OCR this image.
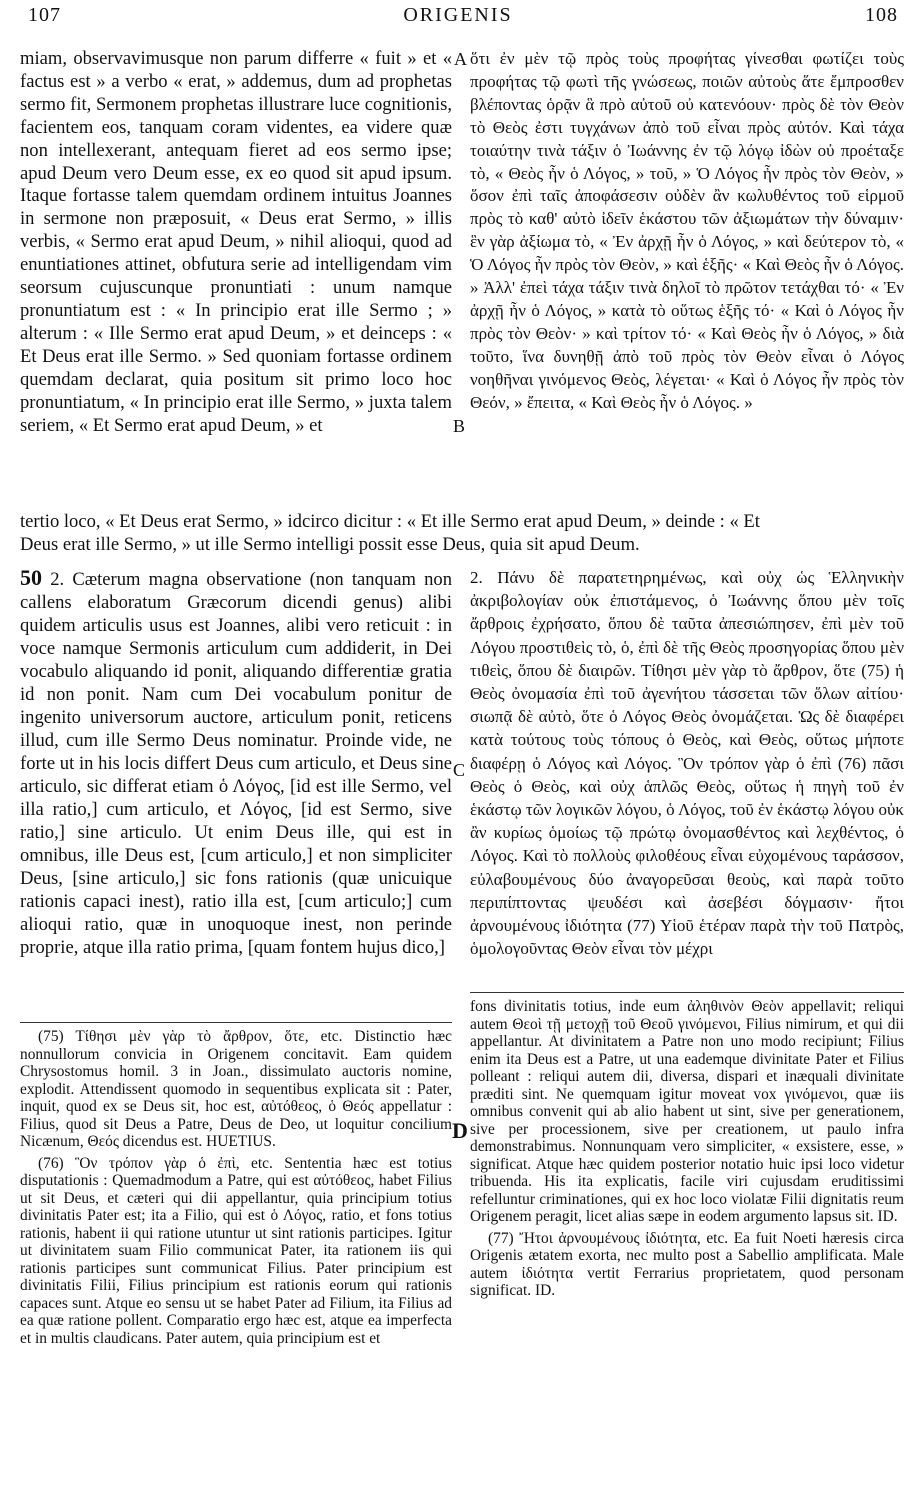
107	ORIGENIS	108
A
B
C
D

miam, observavimusque non parum differre « fuit » et « factus est » a verbo « erat, » addemus, dum ad prophetas sermo fit, Sermonem prophetas illustrare luce cognitionis, facientem eos, tanquam coram videntes, ea videre quæ non intellexerant, antequam fieret ad eos sermo ipse; apud Deum vero Deum esse, ex eo quod sit apud ipsum. Itaque fortasse talem quemdam ordinem intuitus Joannes in sermone non præposuit, « Deus erat Sermo, » illis verbis, « Sermo erat apud Deum, » nihil alioqui, quod ad enuntiationes attinet, obfutura serie ad intelligendam vim seorsum cujuscunque pronuntiati : unum namque pronuntiatum est : « In principio erat ille Sermo ; » alterum : « Ille Sermo erat apud Deum, » et deinceps : « Et Deus erat ille Sermo. » Sed quoniam fortasse ordinem quemdam declarat, quia positum sit primo loco hoc pronuntiatum, « In principio erat ille Sermo, » juxta talem seriem, « Et Sermo erat apud Deum, » et

ὅτι ἐν μὲν τῷ πρὸς τοὺς προφήτας γίνεσθαι φωτίζει τοὺς προφήτας τῷ φωτὶ τῆς γνώσεως, ποιῶν αὐτοὺς ἅτε ἔμπροσθεν βλέποντας ὁρᾷν ἃ πρὸ αὐτοῦ οὐ κατενόουν· πρὸς δὲ τὸν Θεὸν τὸ Θεὸς ἐστι τυγχάνων ἀπὸ τοῦ εἶναι πρὸς αὐτόν. Καὶ τάχα τοιαύτην τινὰ τάξιν ὁ Ἰωάννης ἐν τῷ λόγῳ ἰδὼν οὐ προέταξε τὸ, « Θεὸς ἦν ὁ Λόγος, » τοῦ, » Ὁ Λόγος ἦν πρὸς τὸν Θεὸν, » ὅσον ἐπὶ ταῖς ἀποφάσεσιν οὐδὲν ἂν κωλυθέντος τοῦ εἱρμοῦ πρὸς τὸ καθ' αὐτὸ ἰδεῖν ἑκάστου τῶν ἀξιωμάτων τὴν δύναμιν· ἓν γὰρ ἀξίωμα τὸ, « Ἐν ἀρχῇ ἦν ὁ Λόγος, » καὶ δεύτερον τὸ, « Ὁ Λόγος ἦν πρὸς τὸν Θεὸν, » καὶ ἑξῆς· « Καὶ Θεὸς ἦν ὁ Λόγος. » Ἀλλ' ἐπεὶ τάχα τάξιν τινὰ δηλοῖ τὸ πρῶτον τετάχθαι τό· « Ἐν ἀρχῇ ἦν ὁ Λόγος, » κατὰ τὸ οὕτως ἑξῆς τό· « Καὶ ὁ Λόγος ἦν πρὸς τὸν Θεὸν· » καὶ τρίτον τό· « Καὶ Θεὸς ἦν ὁ Λόγος, » διὰ τοῦτο, ἵνα δυνηθῇ ἀπὸ τοῦ πρὸς τὸν Θεὸν εἶναι ὁ Λόγος νοηθῆναι γινόμενος Θεὸς, λέγεται· « Καὶ ὁ Λόγος ἦν πρὸς τὸν Θεόν, » ἔπειτα, « Καὶ Θεὸς ἦν ὁ Λόγος. »

tertio loco, « Et Deus erat Sermo, » idcirco dicitur : « Et ille Sermo erat apud Deum, » deinde : « Et
Deus erat ille Sermo, » ut ille Sermo intelligi possit esse Deus, quia sit apud Deum.

50 2. Cæterum magna observatione (non tanquam non callens elaboratum Græcorum dicendi genus) alibi quidem articulis usus est Joannes, alibi vero reticuit : in voce namque Sermonis articulum cum addiderit, in Dei vocabulo aliquando id ponit, aliquando differentiæ gratia id non ponit. Nam cum Dei vocabulum ponitur de ingenito universorum auctore, articulum ponit, reticens illud, cum ille Sermo Deus nominatur. Proinde vide, ne forte ut in his locis differt Deus cum articulo, et Deus sine articulo, sic differat etiam ὁ Λόγος, [id est ille Sermo, vel illa ratio,] cum articulo, et Λόγος, [id est Sermo, sive ratio,] sine articulo. Ut enim Deus ille, qui est in omnibus, ille Deus est, [cum articulo,] et non simpliciter Deus, [sine articulo,] sic fons rationis (quæ unicuique rationis capaci inest), ratio illa est, [cum articulo;] cum alioqui ratio, quæ in unoquoque inest, non perinde proprie, atque illa ratio prima, [quam fontem hujus dico,]

2. Πάνυ δὲ παρατετηρημένως, καὶ οὐχ ὡς Ἑλληνικὴν ἀκριβολογίαν οὐκ ἐπιστάμενος, ὁ Ἰωάννης ὅπου μὲν τοῖς ἄρθροις ἐχρήσατο, ὅπου δὲ ταῦτα ἀπεσιώπησεν, ἐπὶ μὲν τοῦ Λόγου προστιθεὶς τὸ, ὁ, ἐπὶ δὲ τῆς Θεὸς προσηγορίας ὅπου μὲν τιθεὶς, ὅπου δὲ διαιρῶν. Τίθησι μὲν γὰρ τὸ ἄρθρον, ὅτε (75) ἡ Θεὸς ὀνομασία ἐπὶ τοῦ ἀγενήτου τάσσεται τῶν ὅλων αἰτίου· σιωπᾷ δὲ αὐτὸ, ὅτε ὁ Λόγος Θεὸς ὀνομάζεται. Ὡς δὲ διαφέρει κατὰ τούτους τοὺς τόπους ὁ Θεὸς, καὶ Θεὸς, οὕτως μήποτε διαφέρῃ ὁ Λόγος καὶ Λόγος. Ὃν τρόπον γὰρ ὁ ἐπὶ (76) πᾶσι Θεὸς ὁ Θεὸς, καὶ οὐχ ἁπλῶς Θεὸς, οὕτως ἡ πηγὴ τοῦ ἐν ἑκάστῳ τῶν λογικῶν λόγου, ὁ Λόγος, τοῦ ἐν ἑκάστῳ λόγου οὐκ ἂν κυρίως ὁμοίως τῷ πρώτῳ ὀνομασθέντος καὶ λεχθέντος, ὁ Λόγος. Καὶ τὸ πολλοὺς φιλοθέους εἶναι εὐχομένους ταράσσον, εὐλαβουμένους δύο ἀναγορεῦσαι θεοὺς, καὶ παρὰ τοῦτο περιπίπτοντας ψευδέσι καὶ ἀσεβέσι δόγμασιν· ἤτοι ἀρνουμένους ἰδιότητα (77) Υἱοῦ ἑτέραν παρὰ τὴν τοῦ Πατρὸς, ὁμολογοῦντας Θεὸν εἶναι τὸν μέχρι

(75) Τίθησι μὲν γὰρ τὸ ἄρθρον, ὅτε, etc. Distinctio hæc nonnullorum convicia in Origenem concitavit. Eam quidem Chrysostomus homil. 3 in Joan., dissimulato auctoris nomine, explodit. Attendissent quomodo in sequentibus explicata sit : Pater, inquit, quod ex se Deus sit, hoc est, αὐτόθεος, ὁ Θεός appellatur : Filius, quod sit Deus a Patre, Deus de Deo, ut loquitur concilium Nicænum, Θεός dicendus est. HUETIUS.

(76) Ὃν τρόπον γὰρ ὁ ἐπὶ, etc. Sententia hæc est totius disputationis : Quemadmodum a Patre, qui est αὐτόθεος, habet Filius ut sit Deus, et cæteri qui dii appellantur, quia principium totius divinitatis Pater est; ita a Filio, qui est ὁ Λόγος, ratio, et fons totius rationis, habent ii qui ratione utuntur ut sint rationis participes. Igitur ut divinitatem suam Filio communicat Pater, ita rationem iis qui rationis participes sunt communicat Filius. Pater principium est divinitatis Filii, Filius principium est rationis eorum qui rationis capaces sunt. Atque eo sensu ut se habet Pater ad Filium, ita Filius ad ea quæ ratione pollent. Comparatio ergo hæc est, atque ea imperfecta et in multis claudicans. Pater autem, quia principium est et

fons divinitatis totius, inde eum ἀληθινὸν Θεὸν appellavit; reliqui autem Θεοὶ τῇ μετοχῇ τοῦ Θεοῦ γινόμενοι, Filius nimirum, et qui dii appellantur. At divinitatem a Patre non uno modo recipiunt; Filius enim ita Deus est a Patre, ut una eademque divinitate Pater et Filius polleant : reliqui autem dii, diversa, dispari et inæquali divinitate præditi sint. Ne quemquam igitur moveat vox γινόμενοι, quæ iis omnibus convenit qui ab alio habent ut sint, sive per generationem, sive per processionem, sive per creationem, ut paulo infra demonstrabimus. Nonnunquam vero simpliciter, « exsistere, esse, » significat. Atque hæc quidem posterior notatio huic ipsi loco videtur tribuenda. His ita explicatis, facile viri cujusdam eruditissimi refelluntur criminationes, qui ex hoc loco violatæ Filii dignitatis reum Origenem peragit, licet alias sæpe in eodem argumento lapsus sit. ID.

(77) Ἤτοι ἀρνουμένους ἰδιότητα, etc. Ea fuit Noeti hæresis circa Origenis ætatem exorta, nec multo post a Sabellio amplificata. Male autem ἰδιότητα vertit Ferrarius proprietatem, quod personam significat. ID.
